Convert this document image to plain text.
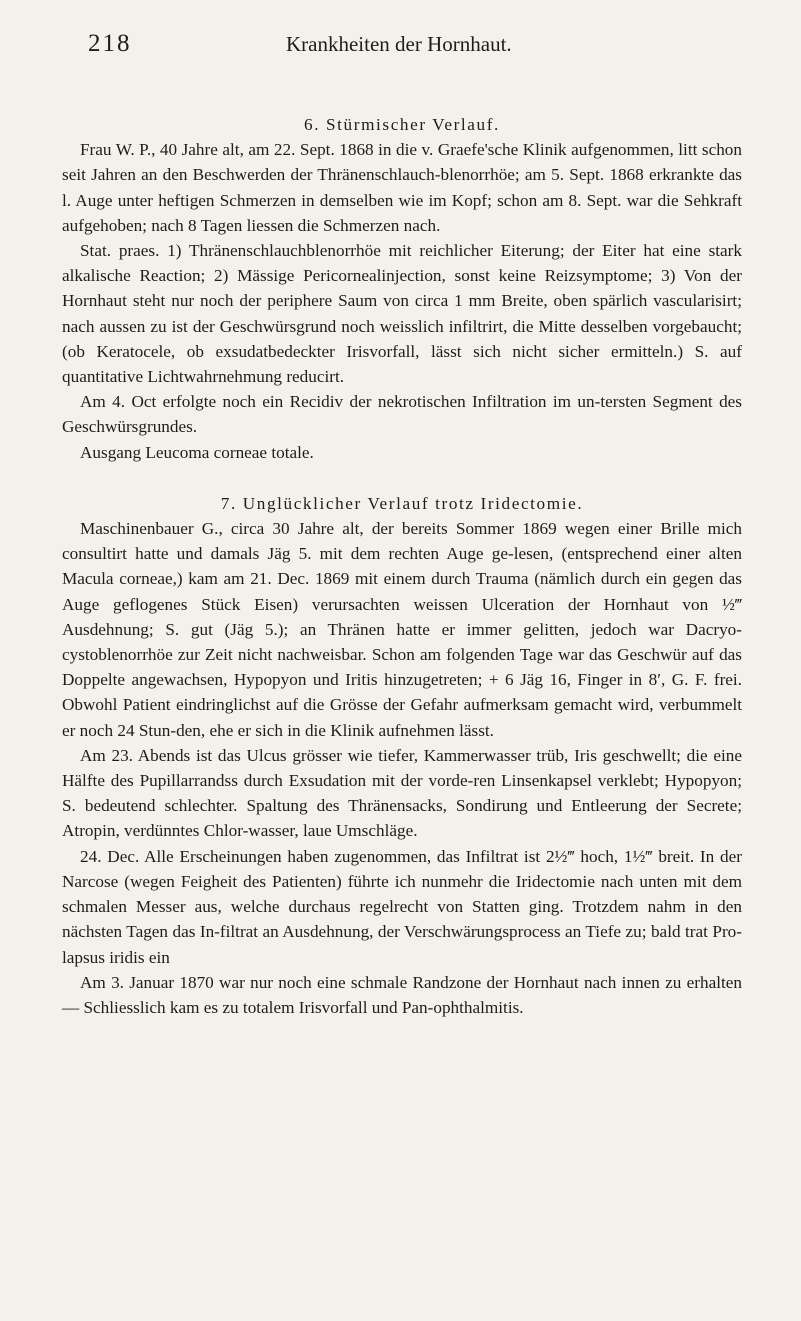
218	Krankheiten der Hornhaut.

6. Stürmischer Verlauf.

Frau W. P., 40 Jahre alt, am 22. Sept. 1868 in die v. Graefe'sche Klinik aufgenommen, litt schon seit Jahren an den Beschwerden der Thränenschlauch-blenorrhöe; am 5. Sept. 1868 erkrankte das l. Auge unter heftigen Schmerzen in demselben wie im Kopf; schon am 8. Sept. war die Sehkraft aufgehoben; nach 8 Tagen liessen die Schmerzen nach.

Stat. praes. 1) Thränenschlauchblenorrhöe mit reichlicher Eiterung; der Eiter hat eine stark alkalische Reaction; 2) Mässige Pericornealinjection, sonst keine Reizsymptome; 3) Von der Hornhaut steht nur noch der periphere Saum von circa 1 mm Breite, oben spärlich vascularisirt; nach aussen zu ist der Geschwürsgrund noch weisslich infiltrirt, die Mitte desselben vorgebaucht; (ob Keratocele, ob exsudatbedeckter Irisvorfall, lässt sich nicht sicher ermitteln.) S. auf quantitative Lichtwahrnehmung reducirt.

Am 4. Oct erfolgte noch ein Recidiv der nekrotischen Infiltration im un-tersten Segment des Geschwürsgrundes.

Ausgang Leucoma corneae totale.

7. Unglücklicher Verlauf trotz Iridectomie.

Maschinenbauer G., circa 30 Jahre alt, der bereits Sommer 1869 wegen einer Brille mich consultirt hatte und damals Jäg 5. mit dem rechten Auge ge-lesen, (entsprechend einer alten Macula corneae,) kam am 21. Dec. 1869 mit einem durch Trauma (nämlich durch ein gegen das Auge geflogenes Stück Eisen) verursachten weissen Ulceration der Hornhaut von ½‴ Ausdehnung; S. gut (Jäg 5.); an Thränen hatte er immer gelitten, jedoch war Dacryo-cystoblenorrhöe zur Zeit nicht nachweisbar. Schon am folgenden Tage war das Geschwür auf das Doppelte angewachsen, Hypopyon und Iritis hinzugetreten; + 6 Jäg 16, Finger in 8′, G. F. frei. Obwohl Patient eindringlichst auf die Grösse der Gefahr aufmerksam gemacht wird, verbummelt er noch 24 Stun-den, ehe er sich in die Klinik aufnehmen lässt.

Am 23. Abends ist das Ulcus grösser wie tiefer, Kammerwasser trüb, Iris geschwellt; die eine Hälfte des Pupillarrandss durch Exsudation mit der vorde-ren Linsenkapsel verklebt; Hypopyon; S. bedeutend schlechter. Spaltung des Thränensacks, Sondirung und Entleerung der Secrete; Atropin, verdünntes Chlor-wasser, laue Umschläge.

24. Dec. Alle Erscheinungen haben zugenommen, das Infiltrat ist 2½‴ hoch, 1½‴ breit. In der Narcose (wegen Feigheit des Patienten) führte ich nunmehr die Iridectomie nach unten mit dem schmalen Messer aus, welche durchaus regelrecht von Statten ging. Trotzdem nahm in den nächsten Tagen das In-filtrat an Ausdehnung, der Verschwärungsprocess an Tiefe zu; bald trat Pro-lapsus iridis ein

Am 3. Januar 1870 war nur noch eine schmale Randzone der Hornhaut nach innen zu erhalten — Schliesslich kam es zu totalem Irisvorfall und Pan-ophthalmitis.
